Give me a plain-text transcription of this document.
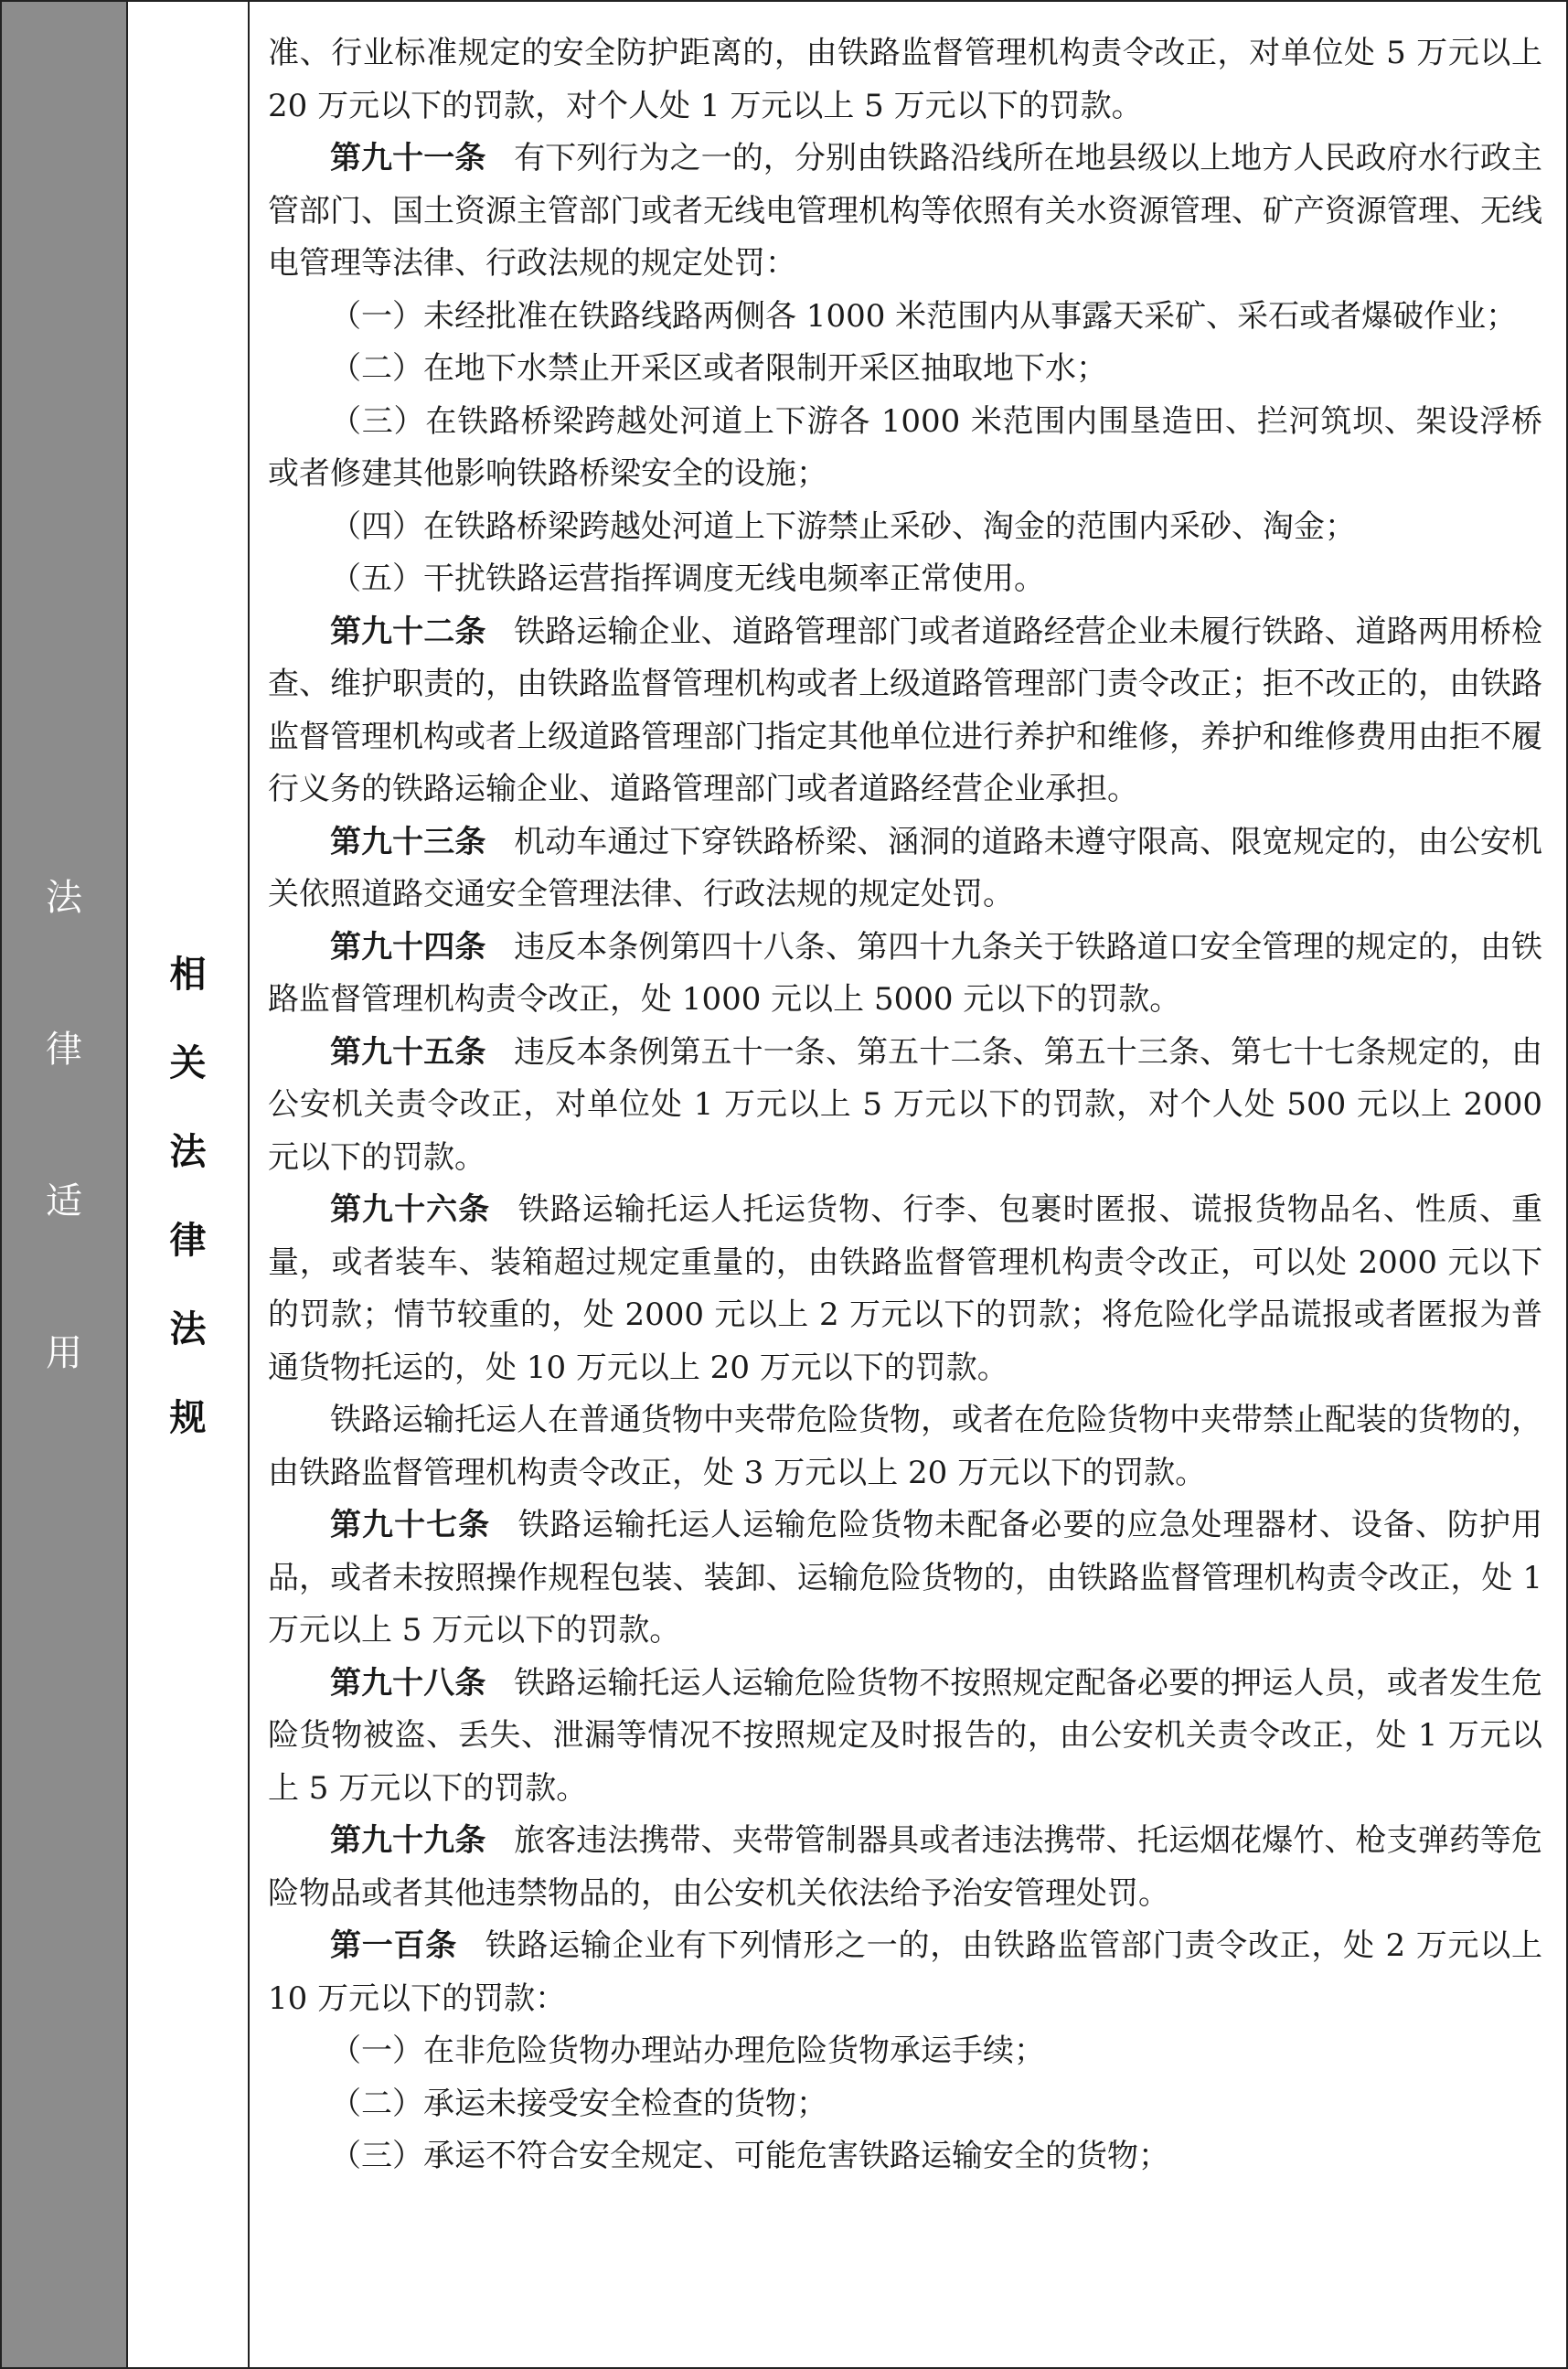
法
律
适
用
相
关
法
律
法
规

准、行业标准规定的安全防护距离的，由铁路监督管理机构责令改正，对单位处 5 万元以上 20 万元以下的罚款，对个人处 1 万元以上 5 万元以下的罚款。

第九十一条 有下列行为之一的，分别由铁路沿线所在地县级以上地方人民政府水行政主管部门、国土资源主管部门或者无线电管理机构等依照有关水资源管理、矿产资源管理、无线电管理等法律、行政法规的规定处罚：

（一）未经批准在铁路线路两侧各 1000 米范围内从事露天采矿、采石或者爆破作业；

（二）在地下水禁止开采区或者限制开采区抽取地下水；

（三）在铁路桥梁跨越处河道上下游各 1000 米范围内围垦造田、拦河筑坝、架设浮桥或者修建其他影响铁路桥梁安全的设施；

（四）在铁路桥梁跨越处河道上下游禁止采砂、淘金的范围内采砂、淘金；

（五）干扰铁路运营指挥调度无线电频率正常使用。

第九十二条 铁路运输企业、道路管理部门或者道路经营企业未履行铁路、道路两用桥检查、维护职责的，由铁路监督管理机构或者上级道路管理部门责令改正；拒不改正的，由铁路监督管理机构或者上级道路管理部门指定其他单位进行养护和维修，养护和维修费用由拒不履行义务的铁路运输企业、道路管理部门或者道路经营企业承担。

第九十三条 机动车通过下穿铁路桥梁、涵洞的道路未遵守限高、限宽规定的，由公安机关依照道路交通安全管理法律、行政法规的规定处罚。

第九十四条 违反本条例第四十八条、第四十九条关于铁路道口安全管理的规定的，由铁路监督管理机构责令改正，处 1000 元以上 5000 元以下的罚款。

第九十五条 违反本条例第五十一条、第五十二条、第五十三条、第七十七条规定的，由公安机关责令改正，对单位处 1 万元以上 5 万元以下的罚款，对个人处 500 元以上 2000 元以下的罚款。

第九十六条 铁路运输托运人托运货物、行李、包裹时匿报、谎报货物品名、性质、重量，或者装车、装箱超过规定重量的，由铁路监督管理机构责令改正，可以处 2000 元以下的罚款；情节较重的，处 2000 元以上 2 万元以下的罚款；将危险化学品谎报或者匿报为普通货物托运的，处 10 万元以上 20 万元以下的罚款。

铁路运输托运人在普通货物中夹带危险货物，或者在危险货物中夹带禁止配装的货物的，由铁路监督管理机构责令改正，处 3 万元以上 20 万元以下的罚款。

第九十七条 铁路运输托运人运输危险货物未配备必要的应急处理器材、设备、防护用品，或者未按照操作规程包装、装卸、运输危险货物的，由铁路监督管理机构责令改正，处 1 万元以上 5 万元以下的罚款。

第九十八条 铁路运输托运人运输危险货物不按照规定配备必要的押运人员，或者发生危险货物被盗、丢失、泄漏等情况不按照规定及时报告的，由公安机关责令改正，处 1 万元以上 5 万元以下的罚款。

第九十九条 旅客违法携带、夹带管制器具或者违法携带、托运烟花爆竹、枪支弹药等危险物品或者其他违禁物品的，由公安机关依法给予治安管理处罚。

第一百条 铁路运输企业有下列情形之一的，由铁路监管部门责令改正，处 2 万元以上 10 万元以下的罚款：

（一）在非危险货物办理站办理危险货物承运手续；

（二）承运未接受安全检查的货物；

（三）承运不符合安全规定、可能危害铁路运输安全的货物；
